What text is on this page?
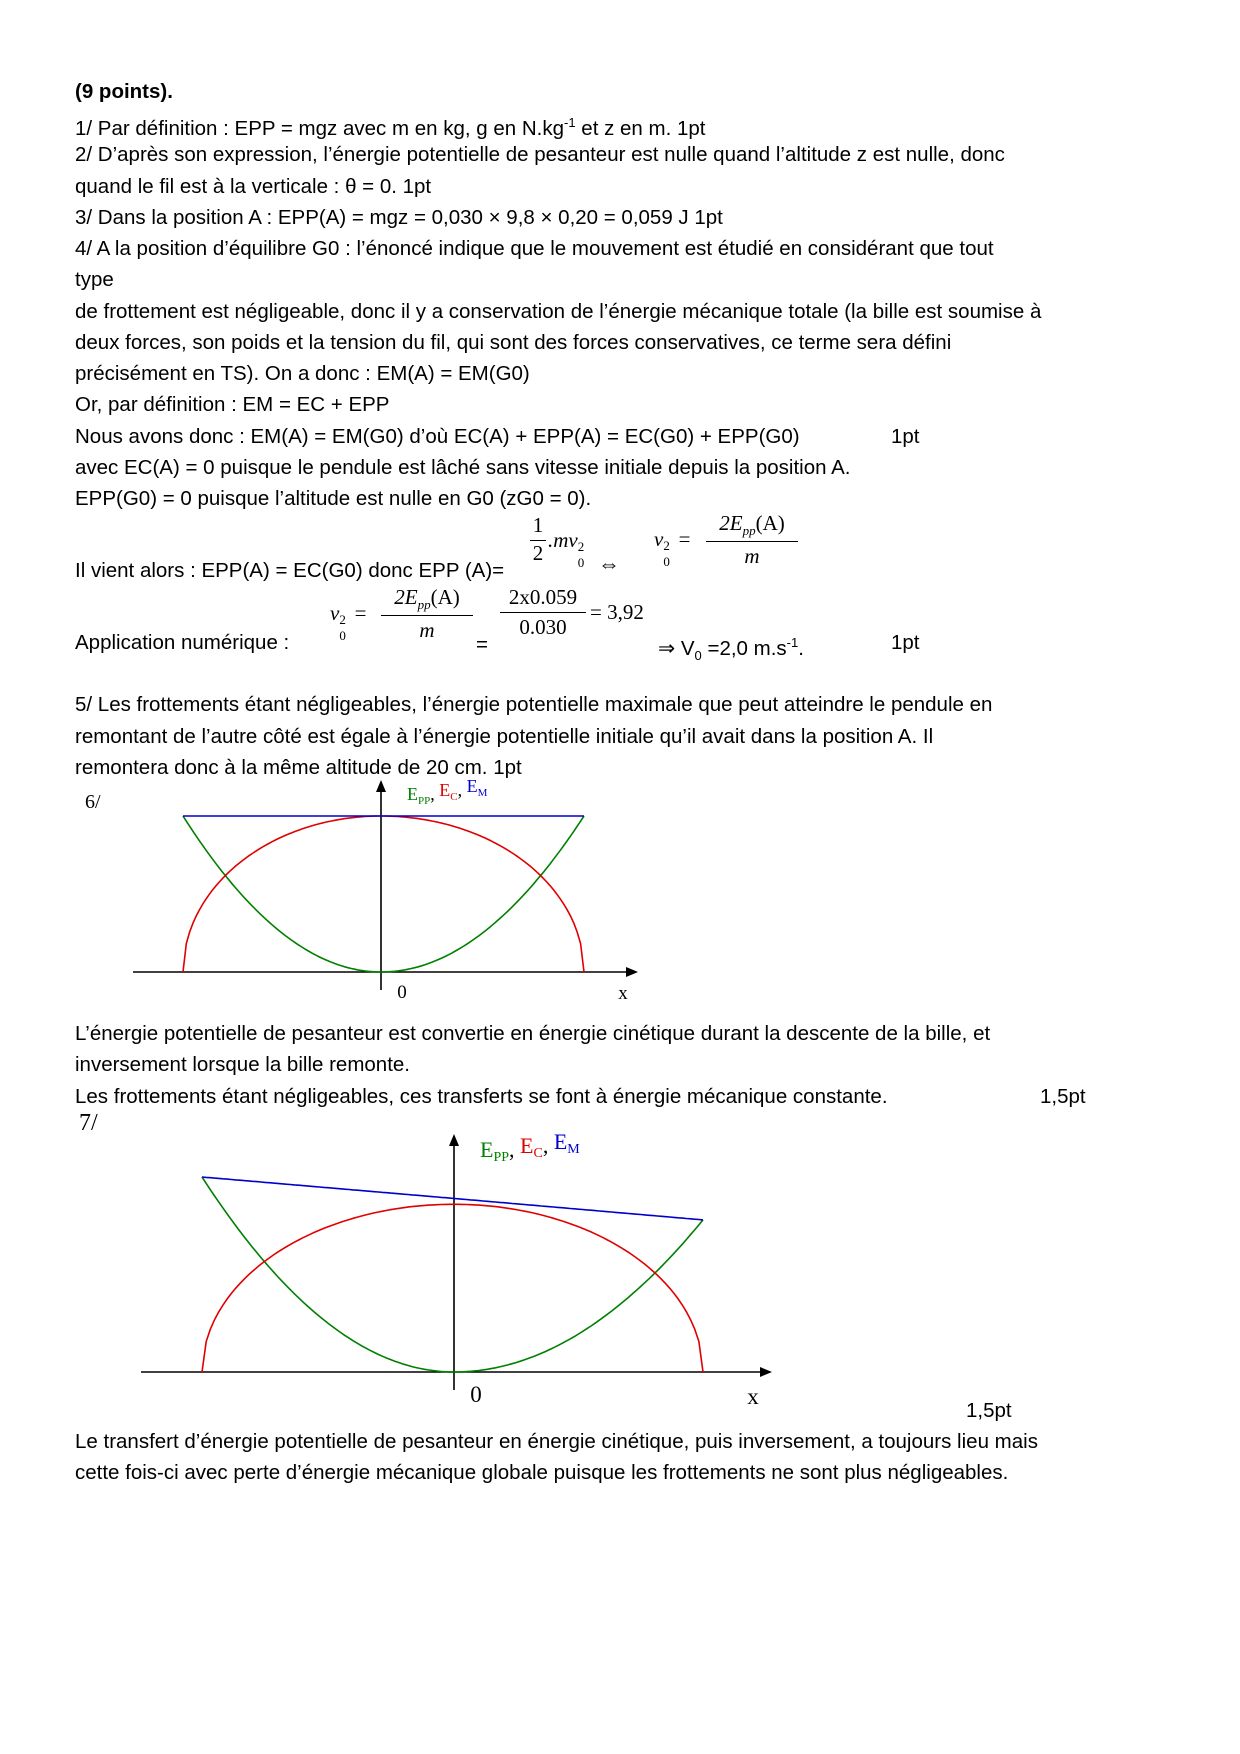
(9 points).
1/ Par définition : EPP = mgz avec m en kg, g en $N.kg^{-1}$ et z en m. 1pt
2/ D’après son expression, l’énergie potentielle de pesanteur est nulle quand l’altitude z est nulle, donc
quand le fil est à la verticale : θ = 0. 1pt
3/ Dans la position A : EPP(A) = mgz = 0,030 × 9,8 × 0,20 = 0,059 J 1pt
4/ A la position d’équilibre G0 : l’énoncé indique que le mouvement est étudié en considérant que tout
type
de frottement est négligeable, donc il y a conservation de l’énergie mécanique totale (la bille est soumise à
deux forces, son poids et la tension du fil, qui sont des forces conservatives, ce terme sera défini
précisément en TS). On a donc : EM(A) = EM(G0)
Or, par définition : EM = EC + EPP
Nous avons donc : EM(A) = EM(G0) d’où EC(A) + EPP(A) = EC(G0) + EPP(G0)	1pt
avec EC(A) = 0 puisque le pendule est lâché sans vitesse initiale depuis la position A.
EPP(G0) = 0 puisque l’altitude est nulle en G0 (zG0 = 0).
Il vient alors : EPP(A) = EC(G0) donc EPP (A)=
1
2
.mv 2
0 ⇔
v 2
0
=
$2E_{pp}(A)$
m
Application numérique :
v 2
0
=
$2E_{pp}(A)$
m
=
2x0.059
0.030
= 3,92
⇒ $V_0 =2,0$ $m.s^{-1}$.	1pt
5/ Les frottements étant négligeables, l’énergie potentielle maximale que peut atteindre le pendule en
remontant de l’autre côté est égale à l’énergie potentielle initiale qu’il avait dans la position A. Il
remontera donc à la même altitude de 20 cm. 1pt
L’énergie potentielle de pesanteur est convertie en énergie cinétique durant la descente de la bille, et
inversement lorsque la bille remonte.
Les frottements étant négligeables, ces transferts se font à énergie mécanique constante.	1,5pt
1,5pt
Le transfert d’énergie potentielle de pesanteur en énergie cinétique, puis inversement, a toujours lieu mais
cette fois-ci avec perte d’énergie mécanique globale puisque les frottements ne sont plus négligeables.
6/	$E_{PP}$, $E_C$, $E_M$
0	x
7/
EPP, EC, EM
0	x
